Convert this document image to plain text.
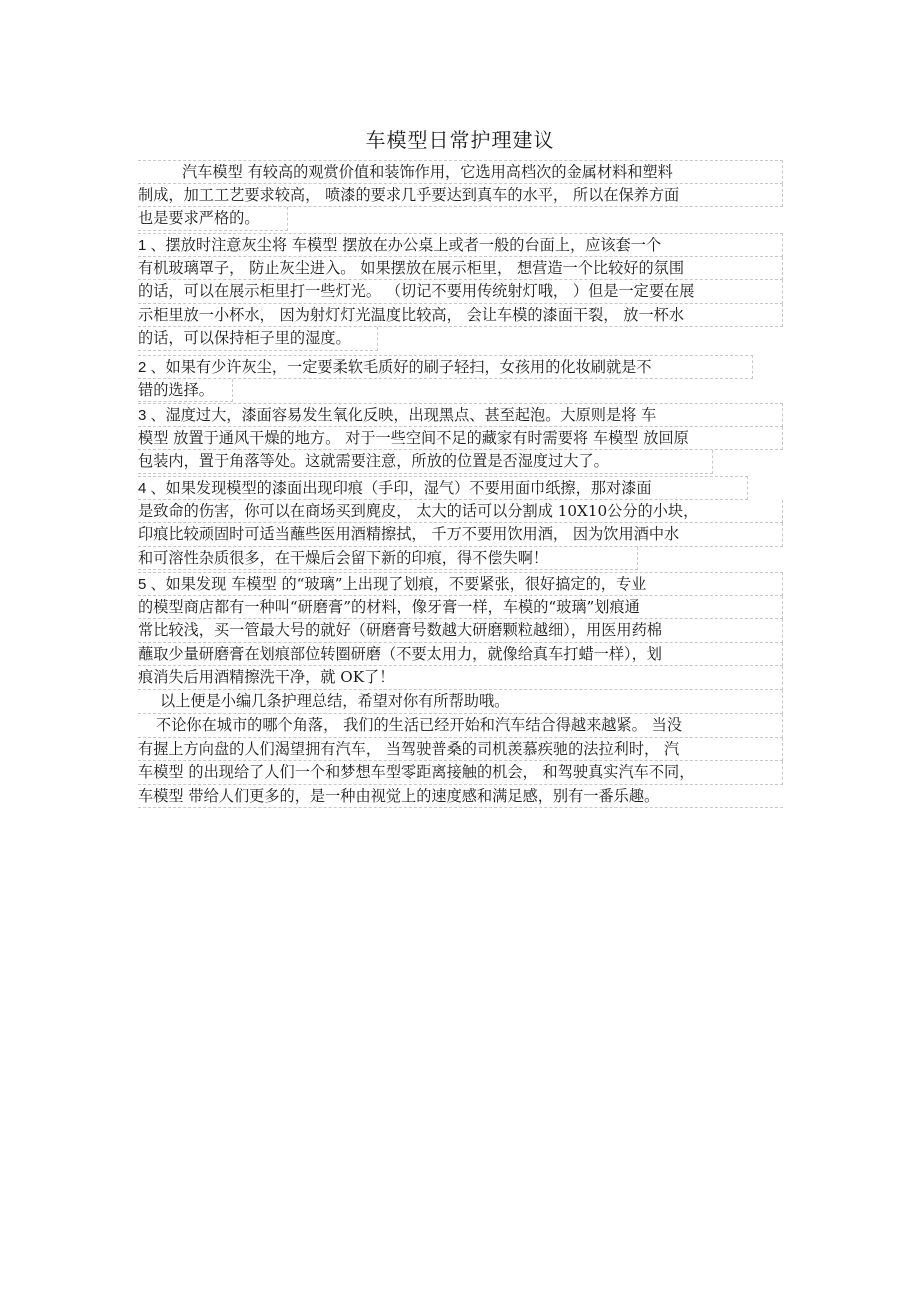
车模型日常护理建议
汽车模型 有较高的观赏价值和装饰作用，它选用高档次的金属材料和塑料
制成，加工工艺要求较高， 喷漆的要求几乎要达到真车的水平， 所以在保养方面
也是要求严格的。
1 、摆放时注意灰尘将 车模型 摆放在办公桌上或者一般的台面上，应该套一个
有机玻璃罩子， 防止灰尘进入。 如果摆放在展示柜里， 想营造一个比较好的氛围
的话，可以在展示柜里打一些灯光。 （切记不要用传统射灯哦， ）但是一定要在展
示柜里放一小杯水， 因为射灯灯光温度比较高， 会让车模的漆面干裂， 放一杯水
的话，可以保持柜子里的湿度。
2 、如果有少许灰尘，一定要柔软毛质好的刷子轻扫，女孩用的化妆刷就是不
错的选择。
3 、湿度过大，漆面容易发生氧化反映，出现黑点、甚至起泡。大原则是将 车
模型 放置于通风干燥的地方。 对于一些空间不足的藏家有时需要将 车模型 放回原
包装内，置于角落等处。这就需要注意，所放的位置是否湿度过大了。
4 、如果发现模型的漆面出现印痕（手印，湿气）不要用面巾纸擦，那对漆面
是致命的伤害，你可以在商场买到麂皮， 太大的话可以分割成 10X10公分的小块，
印痕比较顽固时可适当蘸些医用酒精擦拭， 千万不要用饮用酒， 因为饮用酒中水
和可溶性杂质很多，在干燥后会留下新的印痕，得不偿失啊！
5 、如果发现 车模型 的“玻璃”上出现了划痕，不要紧张，很好搞定的，专业
的模型商店都有一种叫“研磨膏”的材料，像牙膏一样，车模的“玻璃”划痕通
常比较浅，买一管最大号的就好（研磨膏号数越大研磨颗粒越细），用医用药棉
蘸取少量研磨膏在划痕部位转圈研磨（不要太用力，就像给真车打蜡一样），划
痕消失后用酒精擦洗干净，就 OK了！
以上便是小编几条护理总结，希望对你有所帮助哦。
不论你在城市的哪个角落， 我们的生活已经开始和汽车结合得越来越紧。 当没
有握上方向盘的人们渴望拥有汽车， 当驾驶普桑的司机羡慕疾驰的法拉利时， 汽
车模型 的出现给了人们一个和梦想车型零距离接触的机会， 和驾驶真实汽车不同，
车模型 带给人们更多的，是一种由视觉上的速度感和满足感，别有一番乐趣。
